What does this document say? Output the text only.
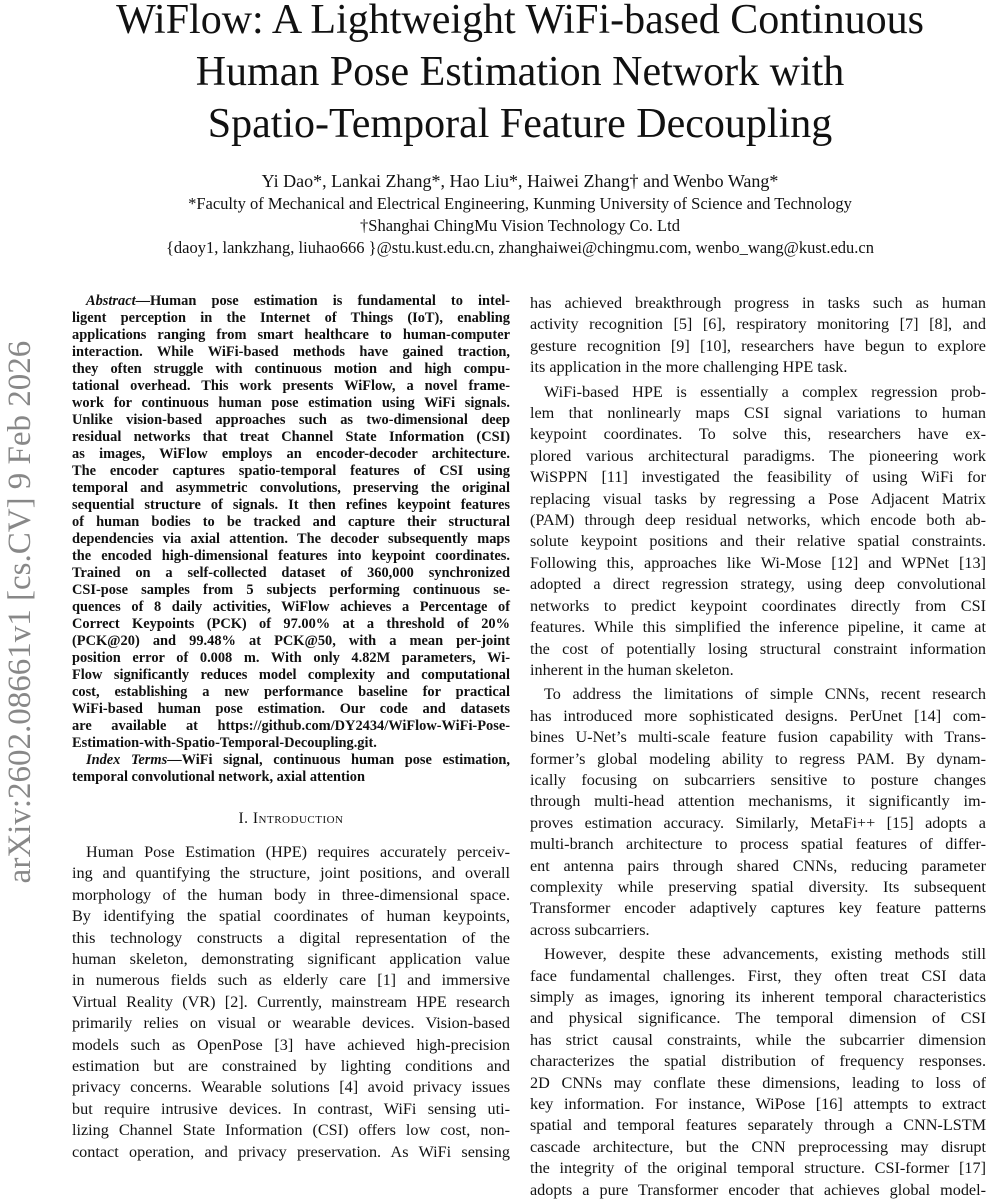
WiFlow: A Lightweight WiFi-based Continuous
Human Pose Estimation Network with
Spatio-Temporal Feature Decoupling
Yi Dao*, Lankai Zhang*, Hao Liu*, Haiwei Zhang† and Wenbo Wang*
*Faculty of Mechanical and Electrical Engineering, Kunming University of Science and Technology
†Shanghai ChingMu Vision Technology Co. Ltd
{daoy1, lankzhang, liuhao666 }@stu.kust.edu.cn, zhanghaiwei@chingmu.com, wenbo_wang@kust.edu.cn
arXiv:2602.08661v1 [cs.CV] 9 Feb 2026
Abstract—Human pose estimation is fundamental to intel-
ligent perception in the Internet of Things (IoT), enabling
applications ranging from smart healthcare to human-computer
interaction. While WiFi-based methods have gained traction,
they often struggle with continuous motion and high compu-
tational overhead. This work presents WiFlow, a novel frame-
work for continuous human pose estimation using WiFi signals.
Unlike vision-based approaches such as two-dimensional deep
residual networks that treat Channel State Information (CSI)
as images, WiFlow employs an encoder-decoder architecture.
The encoder captures spatio-temporal features of CSI using
temporal and asymmetric convolutions, preserving the original
sequential structure of signals. It then refines keypoint features
of human bodies to be tracked and capture their structural
dependencies via axial attention. The decoder subsequently maps
the encoded high-dimensional features into keypoint coordinates.
Trained on a self-collected dataset of 360,000 synchronized
CSI-pose samples from 5 subjects performing continuous se-
quences of 8 daily activities, WiFlow achieves a Percentage of
Correct Keypoints (PCK) of 97.00% at a threshold of 20%
(PCK@20) and 99.48% at PCK@50, with a mean per-joint
position error of 0.008 m. With only 4.82M parameters, Wi-
Flow significantly reduces model complexity and computational
cost, establishing a new performance baseline for practical
WiFi-based human pose estimation. Our code and datasets
are available at https://github.com/DY2434/WiFlow-WiFi-Pose-
Estimation-with-Spatio-Temporal-Decoupling.git.
Index Terms—WiFi signal, continuous human pose estimation,
temporal convolutional network, axial attention
I. Introduction
Human Pose Estimation (HPE) requires accurately perceiv-
ing and quantifying the structure, joint positions, and overall
morphology of the human body in three-dimensional space.
By identifying the spatial coordinates of human keypoints,
this technology constructs a digital representation of the
human skeleton, demonstrating significant application value
in numerous fields such as elderly care [1] and immersive
Virtual Reality (VR) [2]. Currently, mainstream HPE research
primarily relies on visual or wearable devices. Vision-based
models such as OpenPose [3] have achieved high-precision
estimation but are constrained by lighting conditions and
privacy concerns. Wearable solutions [4] avoid privacy issues
but require intrusive devices. In contrast, WiFi sensing uti-
lizing Channel State Information (CSI) offers low cost, non-
contact operation, and privacy preservation. As WiFi sensing
has achieved breakthrough progress in tasks such as human
activity recognition [5] [6], respiratory monitoring [7] [8], and
gesture recognition [9] [10], researchers have begun to explore
its application in the more challenging HPE task.
WiFi-based HPE is essentially a complex regression prob-
lem that nonlinearly maps CSI signal variations to human
keypoint coordinates. To solve this, researchers have ex-
plored various architectural paradigms. The pioneering work
WiSPPN [11] investigated the feasibility of using WiFi for
replacing visual tasks by regressing a Pose Adjacent Matrix
(PAM) through deep residual networks, which encode both ab-
solute keypoint positions and their relative spatial constraints.
Following this, approaches like Wi-Mose [12] and WPNet [13]
adopted a direct regression strategy, using deep convolutional
networks to predict keypoint coordinates directly from CSI
features. While this simplified the inference pipeline, it came at
the cost of potentially losing structural constraint information
inherent in the human skeleton.
To address the limitations of simple CNNs, recent research
has introduced more sophisticated designs. PerUnet [14] com-
bines U-Net’s multi-scale feature fusion capability with Trans-
former’s global modeling ability to regress PAM. By dynam-
ically focusing on subcarriers sensitive to posture changes
through multi-head attention mechanisms, it significantly im-
proves estimation accuracy. Similarly, MetaFi++ [15] adopts a
multi-branch architecture to process spatial features of differ-
ent antenna pairs through shared CNNs, reducing parameter
complexity while preserving spatial diversity. Its subsequent
Transformer encoder adaptively captures key feature patterns
across subcarriers.
However, despite these advancements, existing methods still
face fundamental challenges. First, they often treat CSI data
simply as images, ignoring its inherent temporal characteristics
and physical significance. The temporal dimension of CSI
has strict causal constraints, while the subcarrier dimension
characterizes the spatial distribution of frequency responses.
2D CNNs may conflate these dimensions, leading to loss of
key information. For instance, WiPose [16] attempts to extract
spatial and temporal features separately through a CNN-LSTM
cascade architecture, but the CNN preprocessing may disrupt
the integrity of the original temporal structure. CSI-former [17]
adopts a pure Transformer encoder that achieves global model-
